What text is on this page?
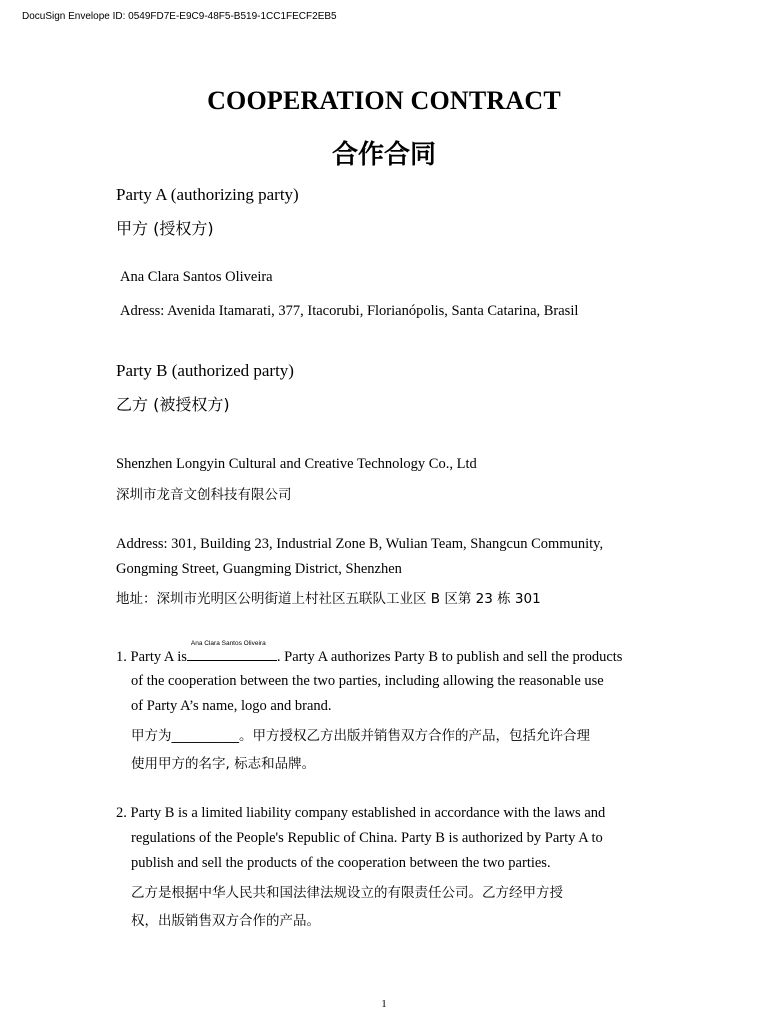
DocuSign Envelope ID: 0549FD7E-E9C9-48F5-B519-1CC1FECF2EB5
COOPERATION CONTRACT
合作合同
Party A (authorizing party)
甲方 (授权方)
Ana Clara Santos Oliveira
Adress: Avenida Itamarati, 377, Itacorubi, Florianópolis, Santa Catarina, Brasil
Party B (authorized party)
乙方 (被授权方)
Shenzhen Longyin Cultural and Creative Technology Co., Ltd
深圳市龙音文创科技有限公司
Address: 301, Building 23, Industrial Zone B, Wulian Team, Shangcun Community,
Gongming Street, Guangming District, Shenzhen
地址：深圳市光明区公明街道上村社区五联队工业区 B 区第 23 栋 301
1. Party A is
Ana Clara Santos Oliveira
. Party A authorizes Party B to publish and sell the products
of the cooperation between the two parties, including allowing the reasonable use
of Party A’s name, logo and brand.
甲方为__________。甲方授权乙方出版并销售双方合作的产品，包括允许合理
使用甲方的名字, 标志和品牌。
2. Party B is a limited liability company established in accordance with the laws and
regulations of the People's Republic of China. Party B is authorized by Party A to
publish and sell the products of the cooperation between the two parties.
乙方是根据中华人民共和国法律法规设立的有限责任公司。乙方经甲方授
权，出版销售双方合作的产品。
1
